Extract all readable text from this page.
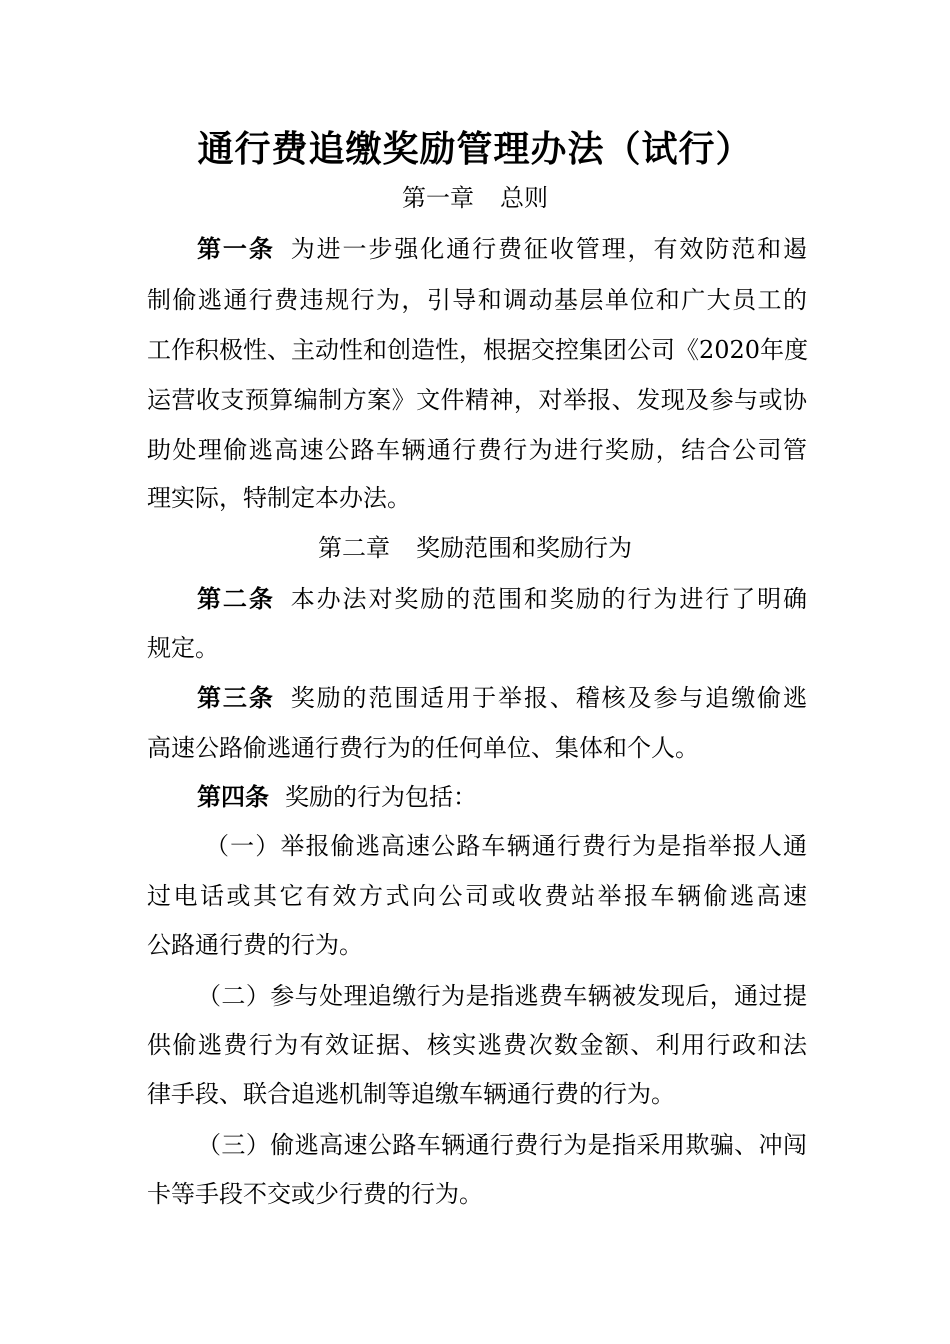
通行费追缴奖励管理办法（试行）
第一章 总则
第一条 为进一步强化通行费征收管理，有效防范和遏
制偷逃通行费违规行为，引导和调动基层单位和广大员工的
工作积极性、主动性和创造性，根据交控集团公司《2020年度
运营收支预算编制方案》文件精神，对举报、发现及参与或协
助处理偷逃高速公路车辆通行费行为进行奖励，结合公司管
理实际，特制定本办法。
第二章 奖励范围和奖励行为
第二条 本办法对奖励的范围和奖励的行为进行了明确
规定。
第三条 奖励的范围适用于举报、稽核及参与追缴偷逃
高速公路偷逃通行费行为的任何单位、集体和个人。
第四条 奖励的行为包括：
（一）举报偷逃高速公路车辆通行费行为是指举报人通
过电话或其它有效方式向公司或收费站举报车辆偷逃高速
公路通行费的行为。
（二）参与处理追缴行为是指逃费车辆被发现后，通过提
供偷逃费行为有效证据、核实逃费次数金额、利用行政和法
律手段、联合追逃机制等追缴车辆通行费的行为。
（三）偷逃高速公路车辆通行费行为是指采用欺骗、冲闯
卡等手段不交或少行费的行为。
